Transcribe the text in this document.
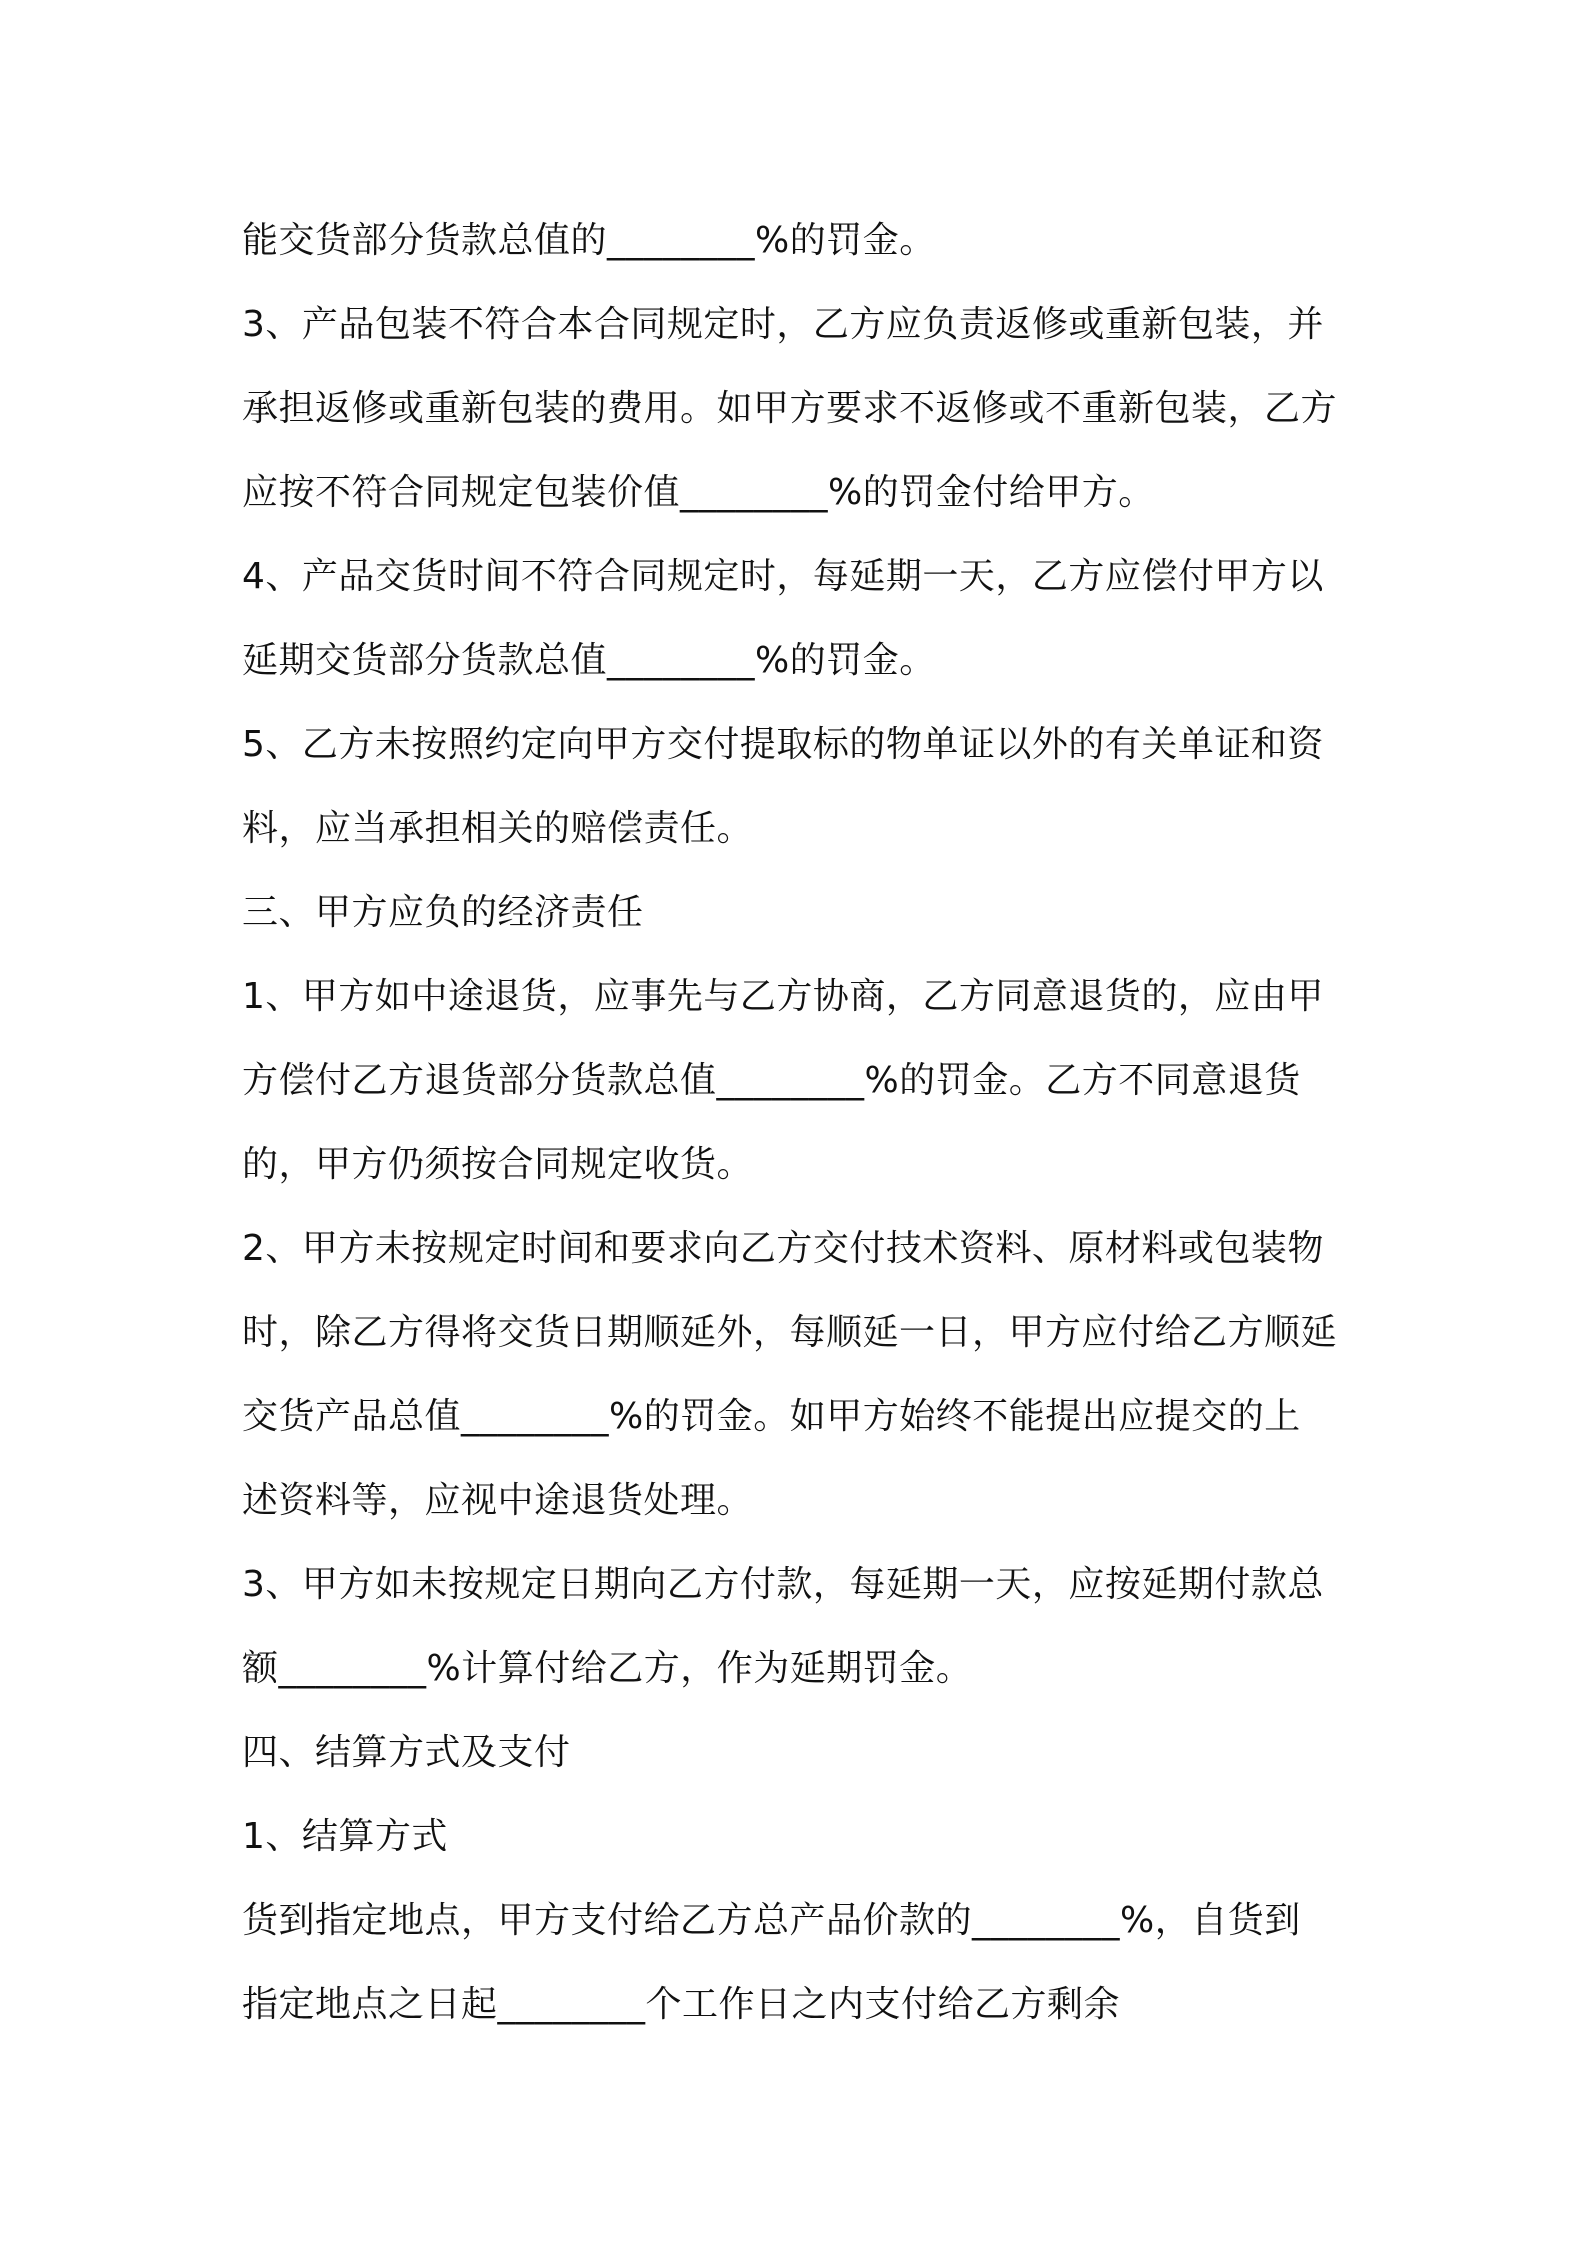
能交货部分货款总值的________%的罚金。
3、产品包装不符合本合同规定时，乙方应负责返修或重新包装，并
承担返修或重新包装的费用。如甲方要求不返修或不重新包装，乙方
应按不符合同规定包装价值________%的罚金付给甲方。
4、产品交货时间不符合同规定时，每延期一天，乙方应偿付甲方以
延期交货部分货款总值________%的罚金。
5、乙方未按照约定向甲方交付提取标的物单证以外的有关单证和资
料，应当承担相关的赔偿责任。
三、甲方应负的经济责任
1、甲方如中途退货，应事先与乙方协商，乙方同意退货的，应由甲
方偿付乙方退货部分货款总值________%的罚金。乙方不同意退货
的，甲方仍须按合同规定收货。
2、甲方未按规定时间和要求向乙方交付技术资料、原材料或包装物
时，除乙方得将交货日期顺延外，每顺延一日，甲方应付给乙方顺延
交货产品总值________%的罚金。如甲方始终不能提出应提交的上
述资料等，应视中途退货处理。
3、甲方如未按规定日期向乙方付款，每延期一天，应按延期付款总
额________%计算付给乙方，作为延期罚金。
四、结算方式及支付
1、结算方式
货到指定地点，甲方支付给乙方总产品价款的________%，自货到
指定地点之日起________个工作日之内支付给乙方剩余
